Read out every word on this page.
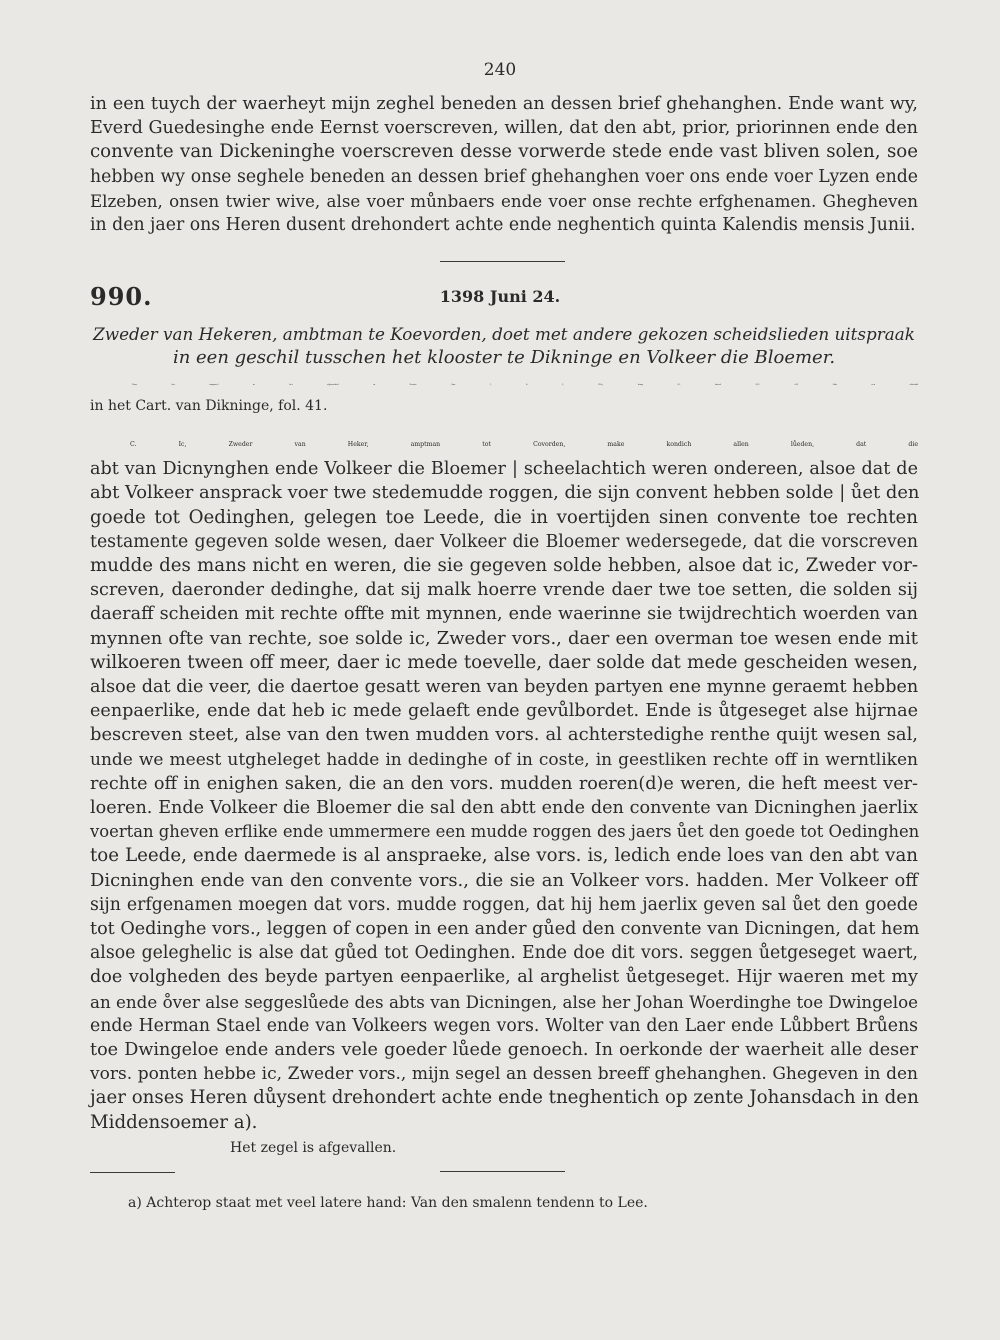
240
in een tuych der waerheyt mijn zeghel beneden an dessen brief ghehanghen. Ende want wy,
Everd Guedesinghe ende Eernst voerscreven, willen, dat den abt, prior, priorinnen ende den
convente van Dickeninghe voerscreven desse vorwerde stede ende vast bliven solen, soe
hebben wy onse seghele beneden an dessen brief ghehanghen voer ons ende voer Lyzen ende
Elzeben, onsen twier wive, alse voer můnbaers ende voer onse rechte erfghenamen. Ghegheven
in den jaer ons Heren dusent drehondert achte ende neghentich quinta Kalendis mensis Junii.
990.	1398 Juni 24.
Zweder van Hekeren, ambtman te Koevorden, doet met andere gekozen scheidslieden uitspraak
in een geschil tusschen het klooster te Dikninge en Volkeer die Bloemer.
Naar het origineel in het rijksarchief in Drente (Inv. I, A 2, IIIc), hoog 10, breed 26,5 cM. Ook een afschrift
in het Cart. van Dikninge, fol. 41.
C. Ic, Zweder van Heker, amptman tot Covorden, make kondich allen lůeden, dat die
abt van Dicnynghen ende Volkeer die Bloemer | scheelachtich weren ondereen, alsoe dat de
abt Volkeer ansprack voer twe stedemudde roggen, die sijn convent hebben solde | ůet den
goede tot Oedinghen, gelegen toe Leede, die in voertijden sinen convente toe rechten
testamente gegeven solde wesen, daer Volkeer die Bloemer wedersegede, dat die vorscreven
mudde des mans nicht en weren, die sie gegeven solde hebben, alsoe dat ic, Zweder vor-
screven, daeronder dedinghe, dat sij malk hoerre vrende daer twe toe setten, die solden sij
daeraff scheiden mit rechte offte mit mynnen, ende waerinne sie twijdrechtich woerden van
mynnen ofte van rechte, soe solde ic, Zweder vors., daer een overman toe wesen ende mit
wilkoeren tween off meer, daer ic mede toevelle, daer solde dat mede gescheiden wesen,
alsoe dat die veer, die daertoe gesatt weren van beyden partyen ene mynne geraemt hebben
eenpaerlike, ende dat heb ic mede gelaeft ende gevůlbordet. Ende is ůtgeseget alse hijrnae
bescreven steet, alse van den twen mudden vors. al achterstedighe renthe quijt wesen sal,
unde we meest utgheleget hadde in dedinghe of in coste, in geestliken rechte off in werntliken
rechte off in enighen saken, die an den vors. mudden roeren(d)e weren, die heft meest ver-
loeren. Ende Volkeer die Bloemer die sal den abtt ende den convente van Dicninghen jaerlix
voertan gheven erflike ende ummermere een mudde roggen des jaers ůet den goede tot Oedinghen
toe Leede, ende daermede is al anspraeke, alse vors. is, ledich ende loes van den abt van
Dicninghen ende van den convente vors., die sie an Volkeer vors. hadden. Mer Volkeer off
sijn erfgenamen moegen dat vors. mudde roggen, dat hij hem jaerlix geven sal ůet den goede
tot Oedinghe vors., leggen of copen in een ander gůed den convente van Dicningen, dat hem
alsoe geleghelic is alse dat gůed tot Oedinghen. Ende doe dit vors. seggen ůetgeseget waert,
doe volgheden des beyde partyen eenpaerlike, al arghelist ůetgeseget. Hijr waeren met my
an ende o̊ver alse seggeslůede des abts van Dicningen, alse her Johan Woerdinghe toe Dwingeloe
ende Herman Stael ende van Volkeers wegen vors. Wolter van den Laer ende Lůbbert Brůens
toe Dwingeloe ende anders vele goeder lůede genoech. In oerkonde der waerheit alle deser
vors. ponten hebbe ic, Zweder vors., mijn segel an dessen breeff ghehanghen. Ghegeven in den
jaer onses Heren důysent drehondert achte ende tneghentich op zente Johansdach in den
Middensoemer a).
Het zegel is afgevallen.
a) Achterop staat met veel latere hand: Van den smalenn tendenn to Lee.
